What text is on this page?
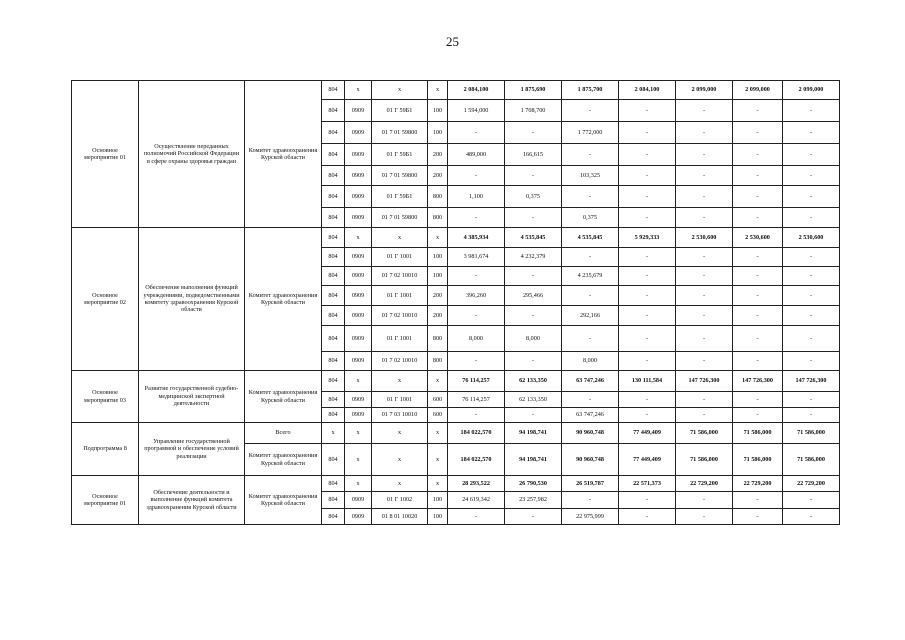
25
Основное мероприятие 01	Осуществление переданных полномочий Российской Федерации в сфере охраны здоровья граждан	Комитет здравоохранения Курской области	804	x	x	x	2 084,100	1 875,690	1 875,700	2 084,100	2 099,000	2 099,000	2 099,000
			804	0909	01 Г 59Б1	100	1 594,000	1 708,700	-	-	-	-	-
			804	0909	01 7 01 59800	100	-	-	1 772,000	-	-	-	-
			804	0909	01 Г 59Б1	200	489,000	166,615	-	-	-	-	-
			804	0909	01 7 01 59800	200	-	-	103,325	-	-	-	-
			804	0909	01 Г 59Б1	800	1,100	0,375	-	-	-	-	-
			804	0909	01 7 01 59800	800	-	-	0,375	-	-	-	-
Основное мероприятие 02	Обеспечение выполнения функций учреждениями, подведомственными комитету здравоохранения Курской области	Комитет здравоохранения Курской области	804	x	x	x	4 385,934	4 535,845	4 535,845	5 929,333	2 530,600	2 530,600	2 530,600
			804	0909	01 Г 1001	100	3 981,674	4 232,379	-	-	-	-	-
			804	0909	01 7 02 10010	100	-	-	4 235,679	-	-	-	-
			804	0909	01 Г 1001	200	396,260	295,466	-	-	-	-	-
			804	0909	01 7 02 10010	200	-	-	292,166	-	-	-	-
			804	0909	01 Г 1001	800	8,000	8,000	-	-	-	-	-
			804	0909	01 7 02 10010	800	-	-	8,000	-	-	-	-
Основное мероприятие 03	Развитие государственной судебно-медицинской экспертной деятельности	Комитет здравоохранения Курской области	804	x	x	x	76 114,257	62 133,350	63 747,246	130 111,584	147 726,300	147 726,300	147 726,300
			804	0909	01 Г 1001	600	76 114,257	62 133,350	-	-	-	-	-
			804	0909	01 7 03 10010	600	-	-	63 747,246	-	-	-	-
Подпрограмма 8	Управление государственной программой и обеспечение условий реализации	Всего	x	x	x	x	184 022,570	94 198,741	90 960,748	77 449,409	71 586,000	71 586,000	71 586,000
		Комитет здравоохранения Курской области	804	x	x	x	184 022,570	94 198,741	90 960,748	77 449,409	71 586,000	71 586,000	71 586,000
Основное мероприятие 01	Обеспечение деятельности и выполнение функций комитета здравоохранения Курской области	Комитет здравоохранения Курской области	804	x	x	x	28 293,522	26 790,530	26 519,787	22 571,373	22 729,200	22 729,200	22 729,200
			804	0909	01 Г 1002	100	24 619,342	23 257,982	-	-	-	-	-
			804	0909	01 8 01 10020	100	-	-	22 975,999	-	-	-	-
